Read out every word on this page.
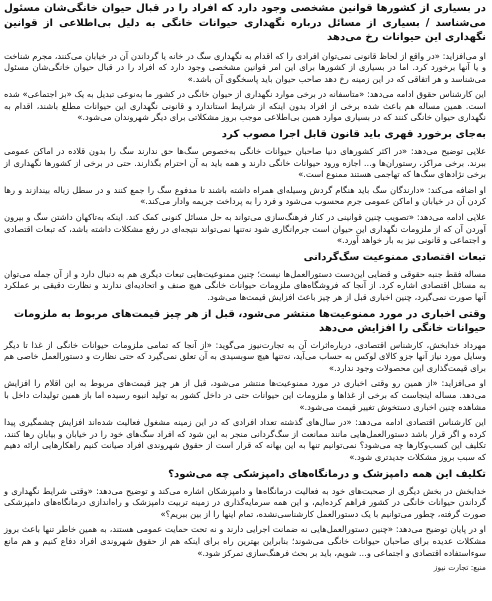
در بسیاری از کشورها قوانین مشخصی وجود دارد که افراد را در قبال حیوان خانگی‌شان مسئول می‌شناسد / بسیاری از مسائل درباره نگهداری حیوانات خانگی به دلیل بی‌اطلاعی از قوانین نگهداری این حیوانات رخ می‌دهد

او می‌افزاید: «در واقع از لحاظ قانونی نمی‌توان افرادی را که اقدام به نگهداری سگ در خانه یا گرداندن آن در خیابان می‌کنند، مجرم شناخت و یا آنها برخورد کرد. اما در بسیاری از کشورها برای این امر قوانین مشخصی وجود دارد که افراد را در قبال حیوان خانگی‌شان مسئول می‌شناسد و هر اتفاقی که در این زمینه رخ دهد صاحب حیوان باید پاسخگوی آن باشد.»

این کارشناس حقوق ادامه می‌دهد: «متاسفانه در برخی موارد نگهداری از حیوان خانگی در کشور ما به‌نوعی تبدیل به یک «بز اجتماعی» شده است. همین مساله هم باعث شده برخی از افراد بدون اینکه از شرایط استاندارد و قانونی نگهداری این حیوانات مطلع باشند، اقدام به نگهداری حیوان خانگی کنند که در بسیاری موارد همین بی‌اطلاعی موجب بروز مشکلاتی برای دیگر شهروندان می‌شود.»

به‌جای برخورد قهری باید قانون قابل اجرا مصوب کرد

علایی توضیح می‌دهد: «در اکثر کشورهای دنیا صاحبان حیوانات خانگی به‌خصوص سگ‌ها حق ندارند سگ را بدون قلاده در اماکن عمومی ببرند. برخی مراکز، رستوران‌ها و... اجازه ورود حیوانات خانگی دارند و همه باید به آن احترام بگذارند. حتی در برخی از کشورها نگهداری از برخی نژادهای سگ‌ها که تهاجمی هستند ممنوع است.»

او اضافه می‌کند: «دارندگان سگ باید هنگام گردش وسیله‌ای همراه داشته باشند تا مدفوع سگ را جمع کنند و در سطل زباله بیندازند و رها کردن آن در خیابان و اماکن عمومی جرم محسوب می‌شود و فرد را به پرداخت جریمه وادار می‌کند.»

علایی ادامه می‌دهد: «تصویب چنین قوانینی در کنار فرهنگ‌سازی می‌تواند به حل مسائل کنونی کمک کند. اینکه به‌تاکهان داشتن سگ و بیرون آوردن آن که از ملزومات نگهداری این حیوان است جرم‌انگاری شود نه‌تنها نمی‌تواند نتیجه‌ای در رفع مشکلات داشته باشد، که تبعات اقتصادی و اجتماعی و قانونی نیز به بار خواهد آورد.»

تبعات اقتصادی ممنوعیت سگ‌گردانی

مساله فقط جنبه حقوقی و قضایی این‌دست دستورالعمل‌ها نیست؛ چنین ممنوعیت‌هایی تبعات دیگری هم به دنبال دارد و از آن جمله می‌توان به مسائل اقتصادی اشاره کرد. از آنجا که فروشگاه‌های ملزومات حیوانات خانگی هیچ صنف و اتحادیه‌ای ندارند و نظارت دقیقی بر عملکرد آنها صورت نمی‌گیرد، چنین اخباری قبل از هر چیز باعث افزایش قیمت‌ها می‌شود.

وقتی اخباری در مورد ممنوعیت‌ها منتشر می‌شود، قبل از هر چیز قیمت‌های مربوط به ملزومات حیوانات خانگی را افزایش می‌دهد

مهرداد خدابخش، کارشناس اقتصادی، درباره‌اثرات آن به تجارت‌نیوز می‌گوید: «از آنجا که تمامی ملزومات حیوانات خانگی از غذا تا دیگر وسایل مورد نیاز آنها جزو کالای لوکس به حساب می‌آید، نه‌تنها هیچ سوبسیدی به آن تعلق نمی‌گیرد که حتی نظارت و دستورالعمل خاصی هم برای قیمت‌گذاری این محصولات وجود ندارد.»

او می‌افزاید: «از همین رو وقتی اخباری در مورد ممنوعیت‌ها منتشر می‌شود، قبل از هر چیز قیمت‌های مربوط به این اقلام را افزایش می‌دهد. مساله اینجاست که برخی از غذاها و ملزومات این حیوانات حتی در داخل کشور به تولید انبوه رسیده اما باز همین تولیدات داخل با مشاهده چنین اخباری دستخوش تغییر قیمت می‌شود.»

این کارشناس اقتصادی ادامه می‌دهد: «در سال‌های گذشته تعداد افرادی که در این زمینه مشغول فعالیت شده‌اند افزایش چشمگیری پیدا کرده و اگر قرار باشد دستورالعمل‌هایی مانند ممانعت از سگ‌گردانی منجر به این شود که افراد سگ‌های خود را در خیابان و بیابان رها کنند، تکلیف این کسب‌وکارها چه می‌شود؟ نمی‌توانیم تنها به این بهانه که قرار است از حقوق شهروندی افراد صیانت کنیم راهکارهایی ارائه دهیم که سبب بروز مشکلات جدیدتری شود.»

تکلیف این همه دامپزشک و درمانگاه‌های دامپزشکی چه می‌شود؟

خدابخش در بخش دیگری از صحبت‌های خود به فعالیت درمانگاه‌ها و دامپزشکان اشاره می‌کند و توضیح می‌دهد: «وقتی شرایط نگهداری و گرداندن حیوانات خانگی در کشور فراهم کرده‌ایم، و این همه سرمایه‌گذاری در زمینه تربیت دامپزشک و راه‌اندازی درمانگاه‌های دامپزشکی صورت گرفته، چطور می‌توانیم با یک دستورالعمل کارشناسی‌نشده، تمام اینها را از بین ببریم؟»

او در پایان توضیح می‌دهد: «چنین دستورالعمل‌هایی نه ضمانت اجرایی دارند و نه تحت حمایت عمومی هستند، به همین خاطر تنها باعث بروز مشکلات عدیده برای صاحبان حیوانات خانگی می‌شوند؛ بنابراین بهترین راه برای اینکه هم از حقوق شهروندی افراد دفاع کنیم و هم مانع سوءاستفاده اقتصادی و اجتماعی و... شویم، باید بر بحث فرهنگ‌سازی تمرکز شود.»

منبع: تجارت نیوز
